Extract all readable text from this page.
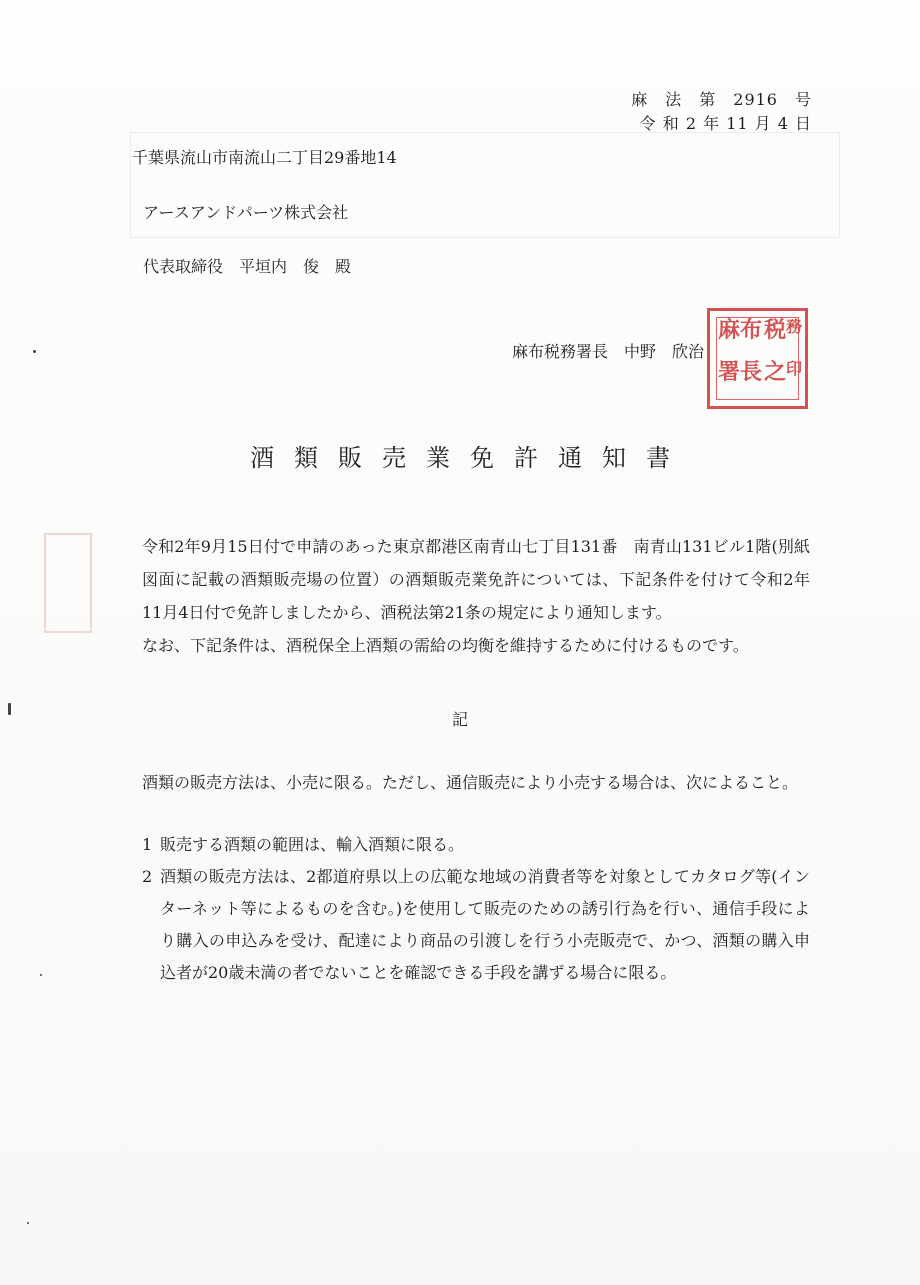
麻　法　第　2916　号
令 和 2 年 11 月 4 日
千葉県流山市南流山二丁目29番地14
アースアンドパーツ株式会社
代表取締役　平垣内　俊　殿
麻布税務署長　中野　欣治
麻 布 税 務
署 長 之 印
酒類販売業免許通知書
令和2年9月15日付で申請のあった東京都港区南青山七丁目131番　南青山131ビル1階(別紙図面に記載の酒類販売場の位置）の酒類販売業免許については、下記条件を付けて令和2年11月4日付で免許しましたから、酒税法第21条の規定により通知します。
なお、下記条件は、酒税保全上酒類の需給の均衡を維持するために付けるものです。
記
酒類の販売方法は、小売に限る。ただし、通信販売により小売する場合は、次によること。
1 販売する酒類の範囲は、輸入酒類に限る。
2 酒類の販売方法は、2都道府県以上の広範な地域の消費者等を対象としてカタログ等(インターネット等によるものを含む。)を使用して販売のための誘引行為を行い、通信手段により購入の申込みを受け、配達により商品の引渡しを行う小売販売で、かつ、酒類の購入申込者が20歳未満の者でないことを確認できる手段を講ずる場合に限る。
